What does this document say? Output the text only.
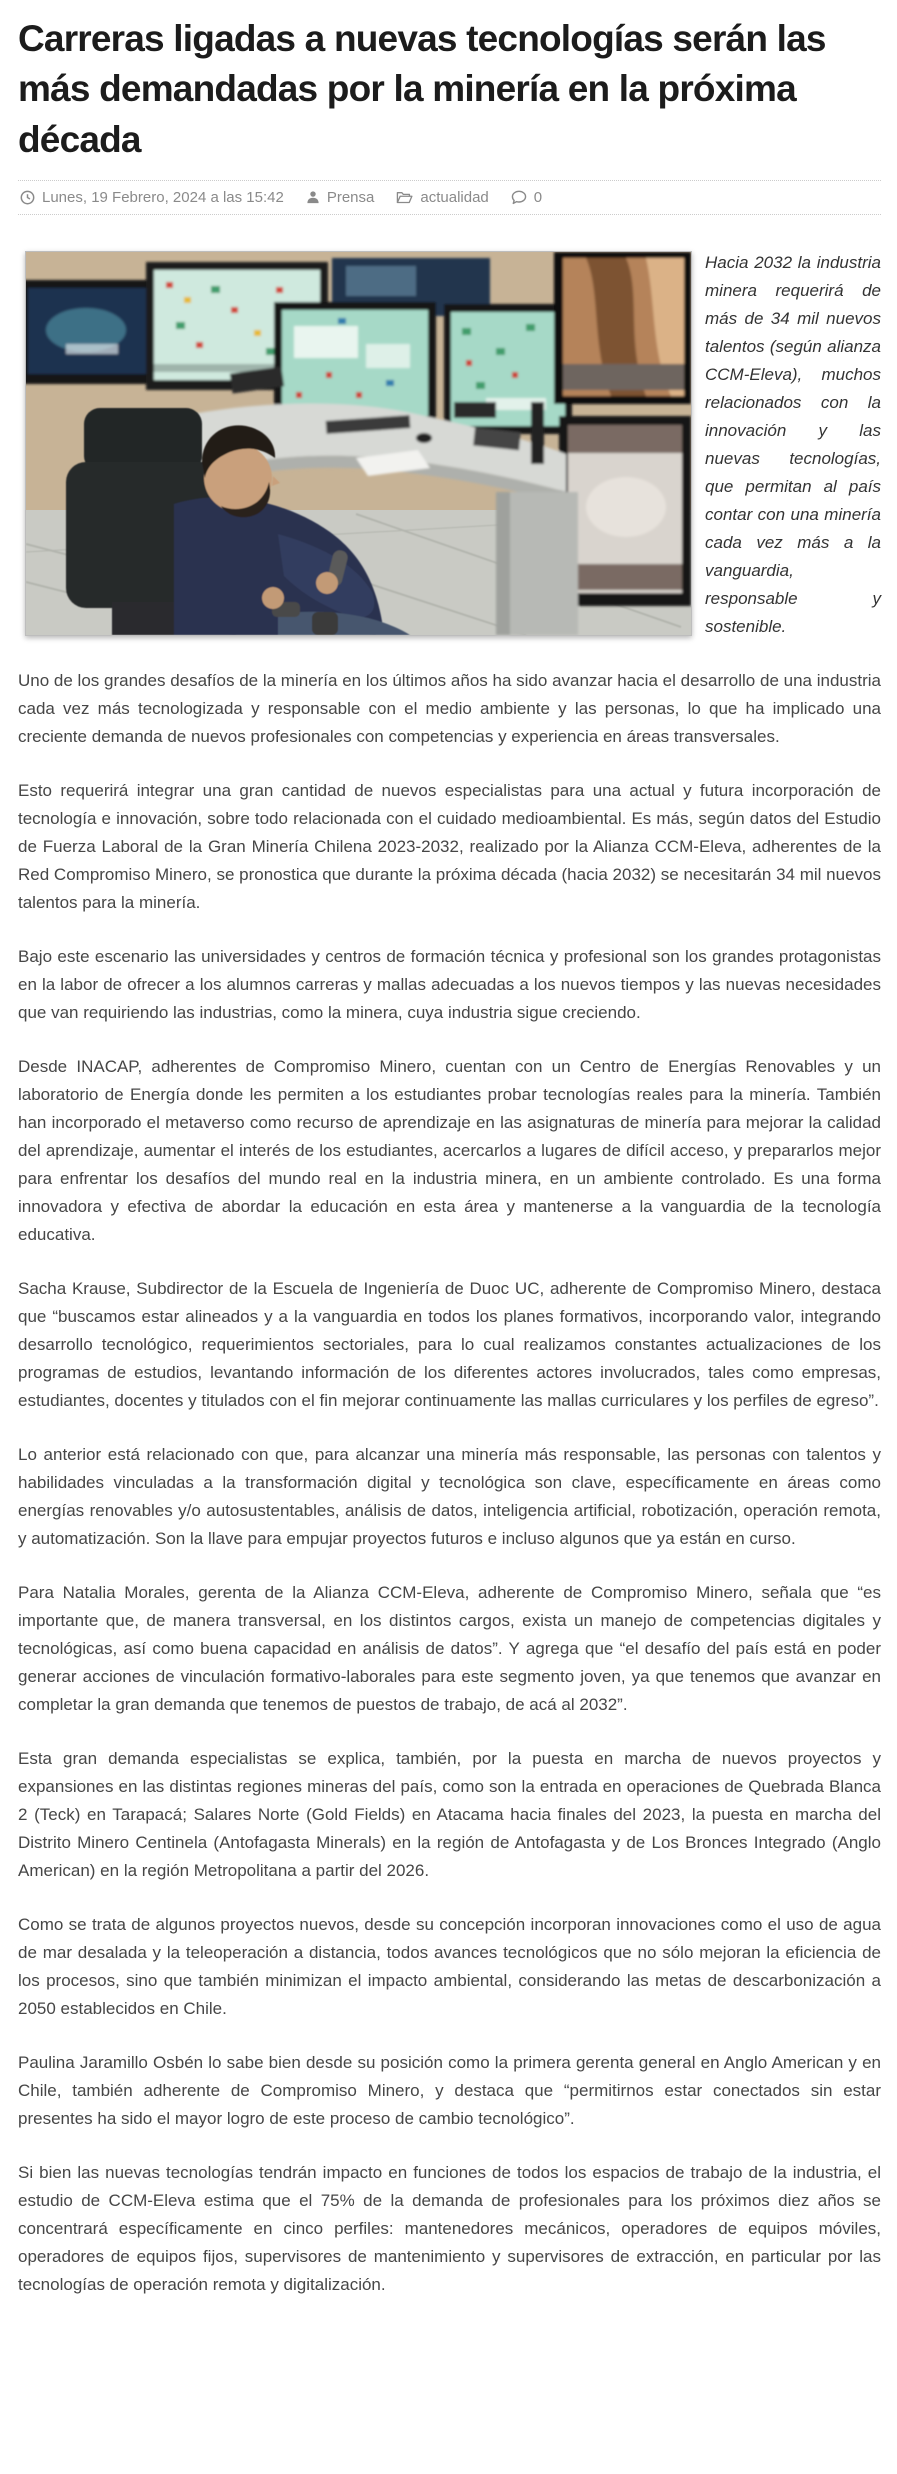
Carreras ligadas a nuevas tecnologías serán las más demandadas por la minería en la próxima década
Lunes, 19 Febrero, 2024 a las 15:42	Prensa	actualidad	0

Hacia 2032 la industria minera requerirá de más de 34 mil nuevos talentos (según alianza CCM-Eleva), muchos relacionados con la innovación y las nuevas tecnologías, que permitan al país contar con una minería cada vez más a la vanguardia, responsable y sostenible.

Uno de los grandes desafíos de la minería en los últimos años ha sido avanzar hacia el desarrollo de una industria cada vez más tecnologizada y responsable con el medio ambiente y las personas, lo que ha implicado una creciente demanda de nuevos profesionales con competencias y experiencia en áreas transversales.

Esto requerirá integrar una gran cantidad de nuevos especialistas para una actual y futura incorporación de tecnología e innovación, sobre todo relacionada con el cuidado medioambiental. Es más, según datos del Estudio de Fuerza Laboral de la Gran Minería Chilena 2023-2032, realizado por la Alianza CCM-Eleva, adherentes de la Red Compromiso Minero, se pronostica que durante la próxima década (hacia 2032) se necesitarán 34 mil nuevos talentos para la minería.

Bajo este escenario las universidades y centros de formación técnica y profesional son los grandes protagonistas en la labor de ofrecer a los alumnos carreras y mallas adecuadas a los nuevos tiempos y las nuevas necesidades que van requiriendo las industrias, como la minera, cuya industria sigue creciendo.

Desde INACAP, adherentes de Compromiso Minero, cuentan con un Centro de Energías Renovables y un laboratorio de Energía donde les permiten a los estudiantes probar tecnologías reales para la minería. También han incorporado el metaverso como recurso de aprendizaje en las asignaturas de minería para mejorar la calidad del aprendizaje, aumentar el interés de los estudiantes, acercarlos a lugares de difícil acceso, y prepararlos mejor para enfrentar los desafíos del mundo real en la industria minera, en un ambiente controlado. Es una forma innovadora y efectiva de abordar la educación en esta área y mantenerse a la vanguardia de la tecnología educativa.

Sacha Krause, Subdirector de la Escuela de Ingeniería de Duoc UC, adherente de Compromiso Minero, destaca que “buscamos estar alineados y a la vanguardia en todos los planes formativos, incorporando valor, integrando desarrollo tecnológico, requerimientos sectoriales, para lo cual realizamos constantes actualizaciones de los programas de estudios, levantando información de los diferentes actores involucrados, tales como empresas, estudiantes, docentes y titulados con el fin mejorar continuamente las mallas curriculares y los perfiles de egreso”.

Lo anterior está relacionado con que, para alcanzar una minería más responsable, las personas con talentos y habilidades vinculadas a la transformación digital y tecnológica son clave, específicamente en áreas como energías renovables y/o autosustentables, análisis de datos, inteligencia artificial, robotización, operación remota, y automatización. Son la llave para empujar proyectos futuros e incluso algunos que ya están en curso.

Para Natalia Morales, gerenta de la Alianza CCM-Eleva, adherente de Compromiso Minero, señala que “es importante que, de manera transversal, en los distintos cargos, exista un manejo de competencias digitales y tecnológicas, así como buena capacidad en análisis de datos”. Y agrega que “el desafío del país está en poder generar acciones de vinculación formativo-laborales para este segmento joven, ya que tenemos que avanzar en completar la gran demanda que tenemos de puestos de trabajo, de acá al 2032”.

Esta gran demanda especialistas se explica, también, por la puesta en marcha de nuevos proyectos y expansiones en las distintas regiones mineras del país, como son la entrada en operaciones de Quebrada Blanca 2 (Teck) en Tarapacá; Salares Norte (Gold Fields) en Atacama hacia finales del 2023, la puesta en marcha del Distrito Minero Centinela (Antofagasta Minerals) en la región de Antofagasta y de Los Bronces Integrado (Anglo American) en la región Metropolitana a partir del 2026.

Como se trata de algunos proyectos nuevos, desde su concepción incorporan innovaciones como el uso de agua de mar desalada y la teleoperación a distancia, todos avances tecnológicos que no sólo mejoran la eficiencia de los procesos, sino que también minimizan el impacto ambiental, considerando las metas de descarbonización a 2050 establecidos en Chile.

Paulina Jaramillo Osbén lo sabe bien desde su posición como la primera gerenta general en Anglo American y en Chile, también adherente de Compromiso Minero, y destaca que “permitirnos estar conectados sin estar presentes ha sido el mayor logro de este proceso de cambio tecnológico”.

Si bien las nuevas tecnologías tendrán impacto en funciones de todos los espacios de trabajo de la industria, el estudio de CCM-Eleva estima que el 75% de la demanda de profesionales para los próximos diez años se concentrará específicamente en cinco perfiles: mantenedores mecánicos, operadores de equipos móviles, operadores de equipos fijos, supervisores de mantenimiento y supervisores de extracción, en particular por las tecnologías de operación remota y digitalización.
